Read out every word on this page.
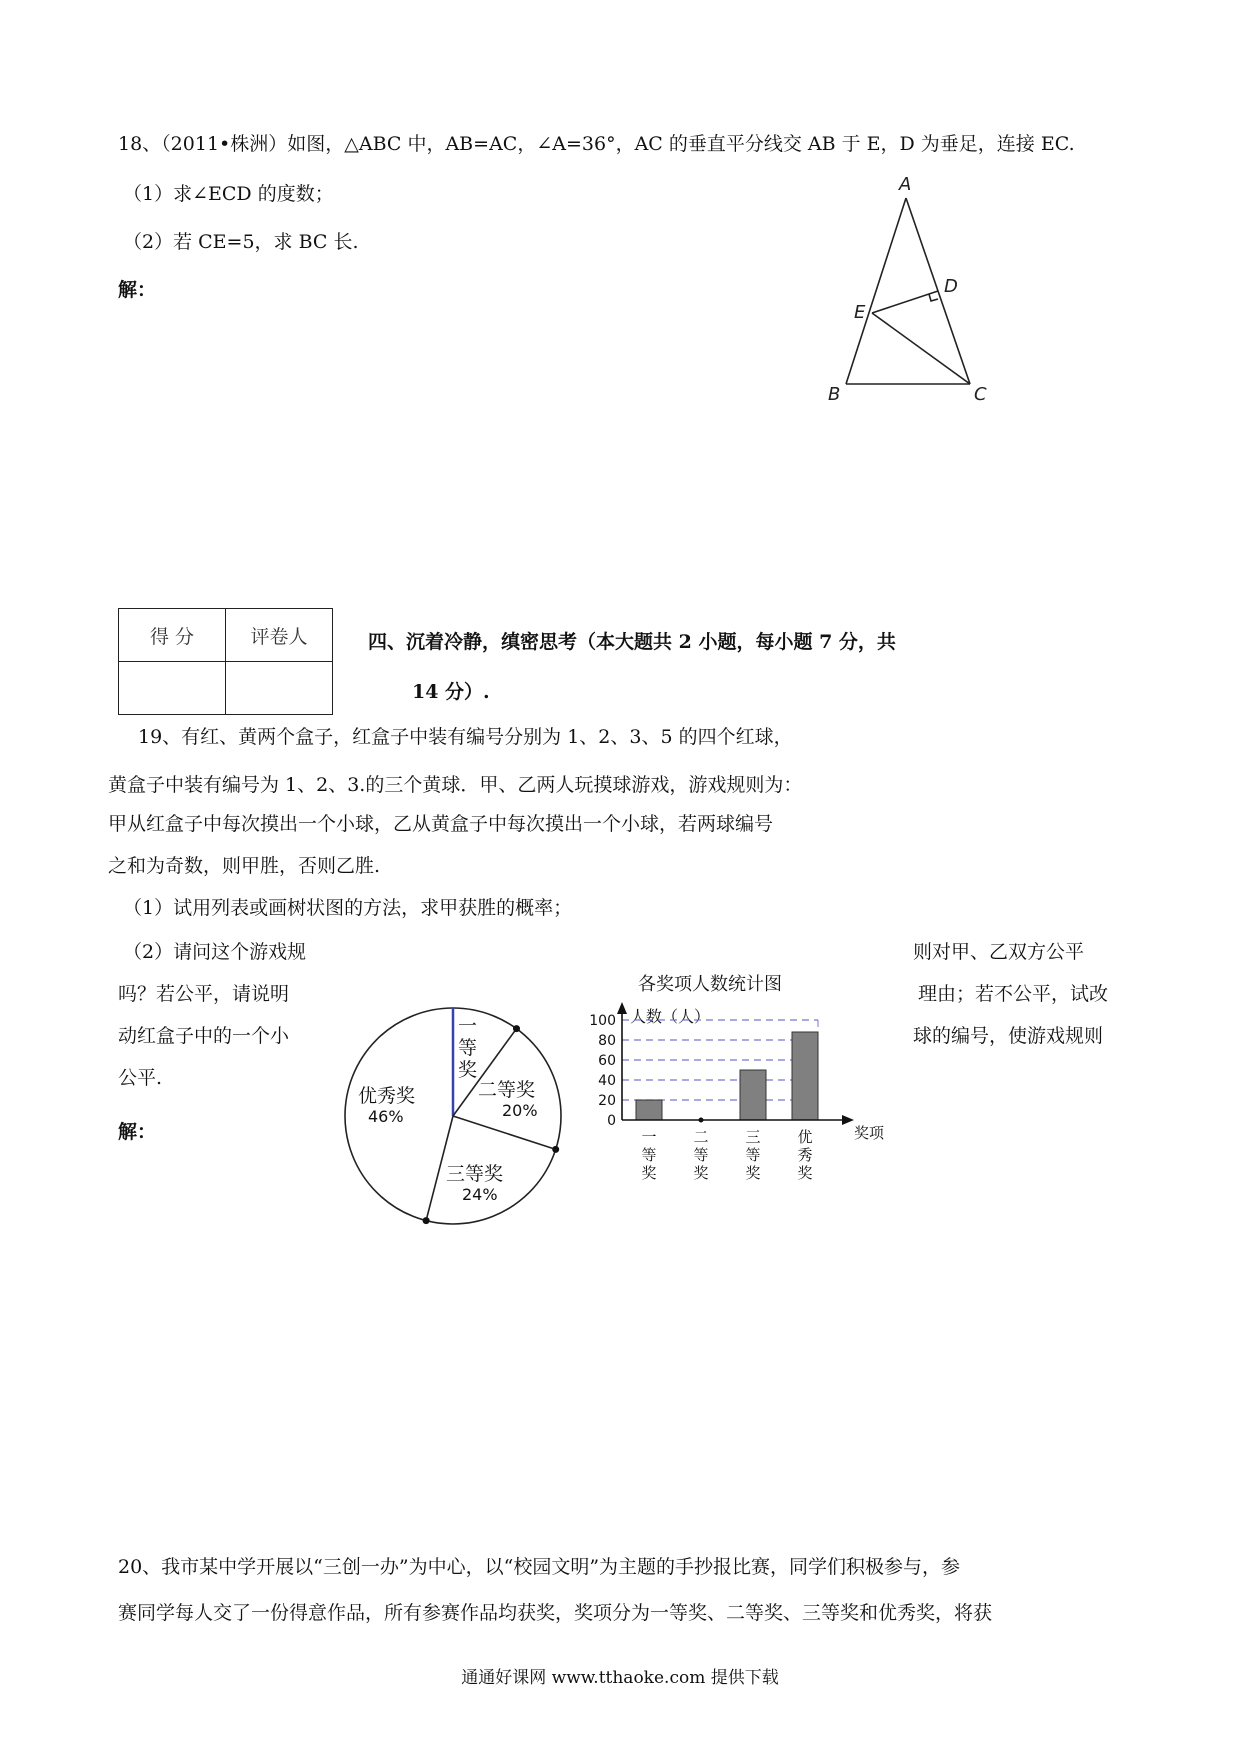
18、（2011•株洲）如图，△ABC 中，AB=AC，∠A=36°，AC 的垂直平分线交 AB 于 E，D 为垂足，连接 EC.
（1）求∠ECD 的度数；
（2）若 CE=5，求 BC 长.
解：
A
B	C
D
E
得 分	评卷人
		四、沉着冷静，缜密思考（本大题共 2 小题，每小题 7 分，共
14 分）.
19、有红、黄两个盒子，红盒子中装有编号分别为 1、2、3、5 的四个红球，
黄盒子中装有编号为 1、2、3.的三个黄球．甲、乙两人玩摸球游戏，游戏规则为：
甲从红盒子中每次摸出一个小球，乙从黄盒子中每次摸出一个小球，若两球编号
之和为奇数，则甲胜，否则乙胜.
（1）试用列表或画树状图的方法，求甲获胜的概率；
（2）请问这个游戏规	则对甲、乙双方公平
吗？若公平，请说明	理由；若不公平，试改
动红盒子中的一个小	球的编号，使游戏规则
公平.
解：
一
等
奖
二等奖
20%
三等奖
24%
优秀奖
46%
各奖项人数统计图
人数（人）
奖项
0
20
40
60
80
100
一
等
奖
二
等
奖
三
等
奖
优
秀
奖
20、我市某中学开展以“三创一办”为中心，以“校园文明”为主题的手抄报比赛，同学们积极参与，参
赛同学每人交了一份得意作品，所有参赛作品均获奖，奖项分为一等奖、二等奖、三等奖和优秀奖，将获
通通好课网 www.tthaoke.com 提供下载
